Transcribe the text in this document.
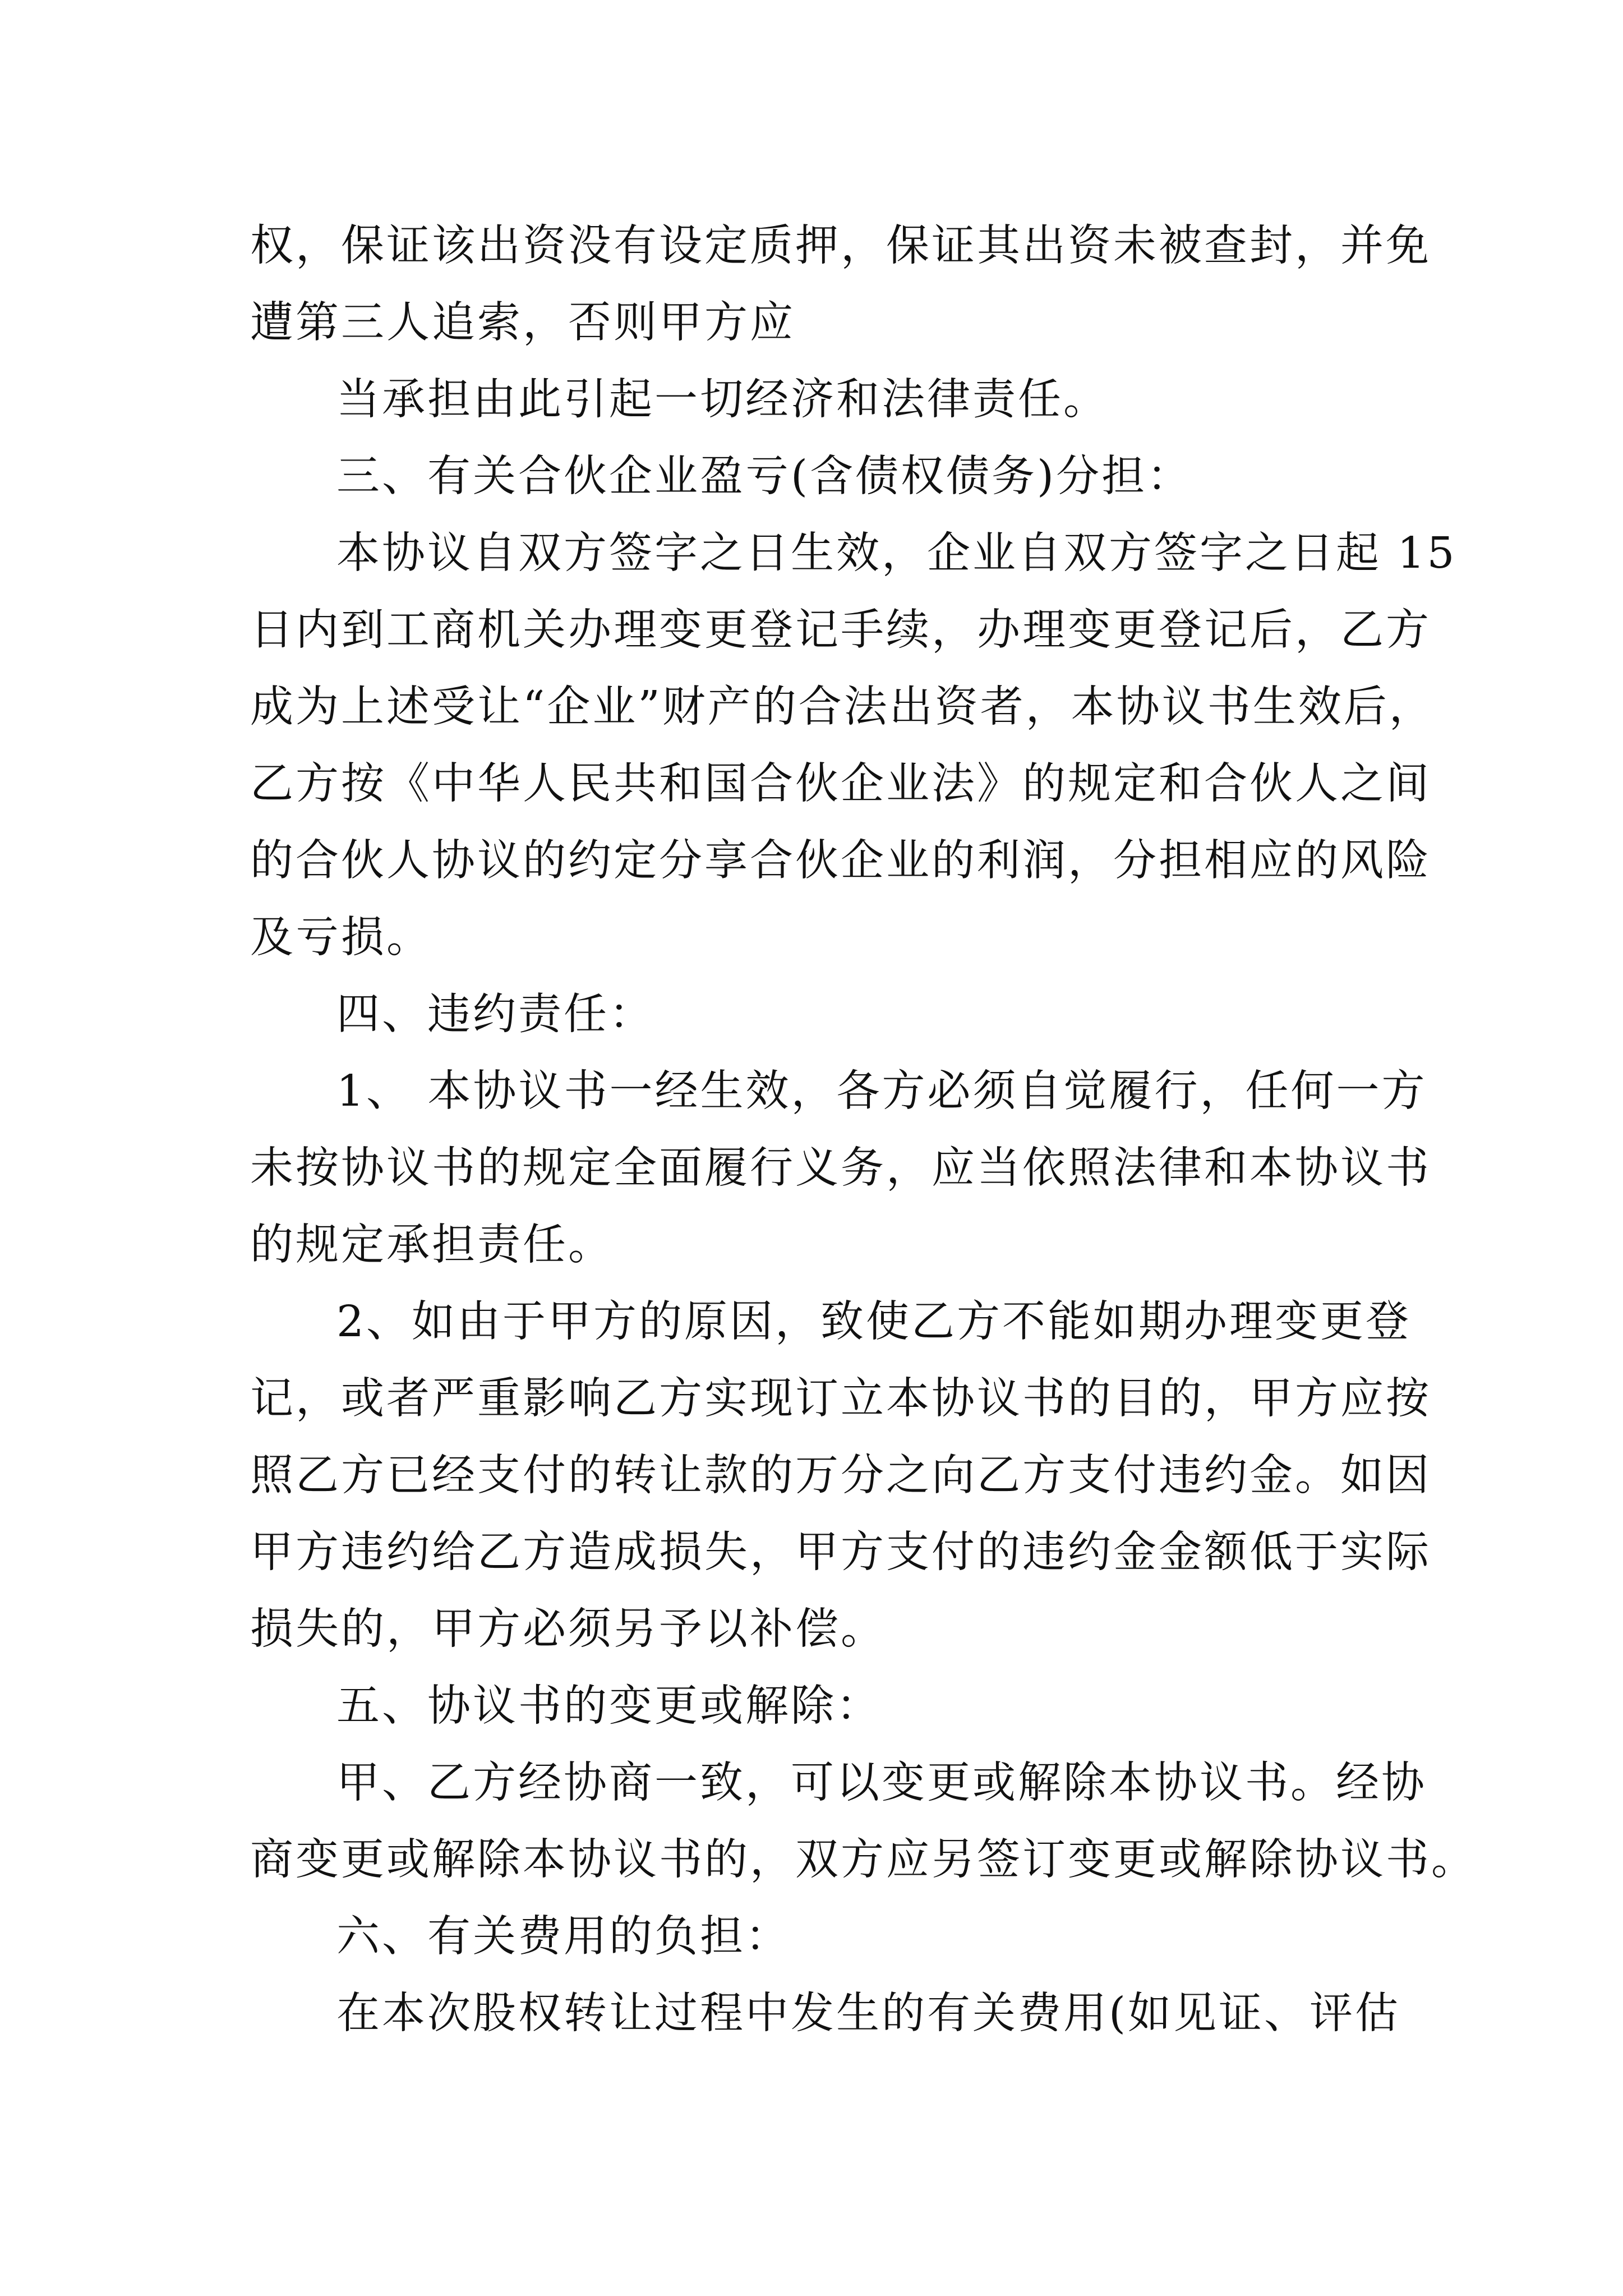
权，保证该出资没有设定质押，保证其出资未被查封，并免
遭第三人追索，否则甲方应
当承担由此引起一切经济和法律责任。
三、有关合伙企业盈亏(含债权债务)分担：
本协议自双方签字之日生效，企业自双方签字之日起 15
日内到工商机关办理变更登记手续，办理变更登记后，乙方
成为上述受让“企业”财产的合法出资者，本协议书生效后，
乙方按《中华人民共和国合伙企业法》的规定和合伙人之间
的合伙人协议的约定分享合伙企业的利润，分担相应的风险
及亏损。
四、违约责任：
1、 本协议书一经生效，各方必须自觉履行，任何一方
未按协议书的规定全面履行义务，应当依照法律和本协议书
的规定承担责任。
2、如由于甲方的原因，致使乙方不能如期办理变更登
记，或者严重影响乙方实现订立本协议书的目的，甲方应按
照乙方已经支付的转让款的万分之向乙方支付违约金。如因
甲方违约给乙方造成损失，甲方支付的违约金金额低于实际
损失的，甲方必须另予以补偿。
五、协议书的变更或解除：
甲、乙方经协商一致，可以变更或解除本协议书。经协
商变更或解除本协议书的，双方应另签订变更或解除协议书。
六、有关费用的负担：
在本次股权转让过程中发生的有关费用(如见证、评估
